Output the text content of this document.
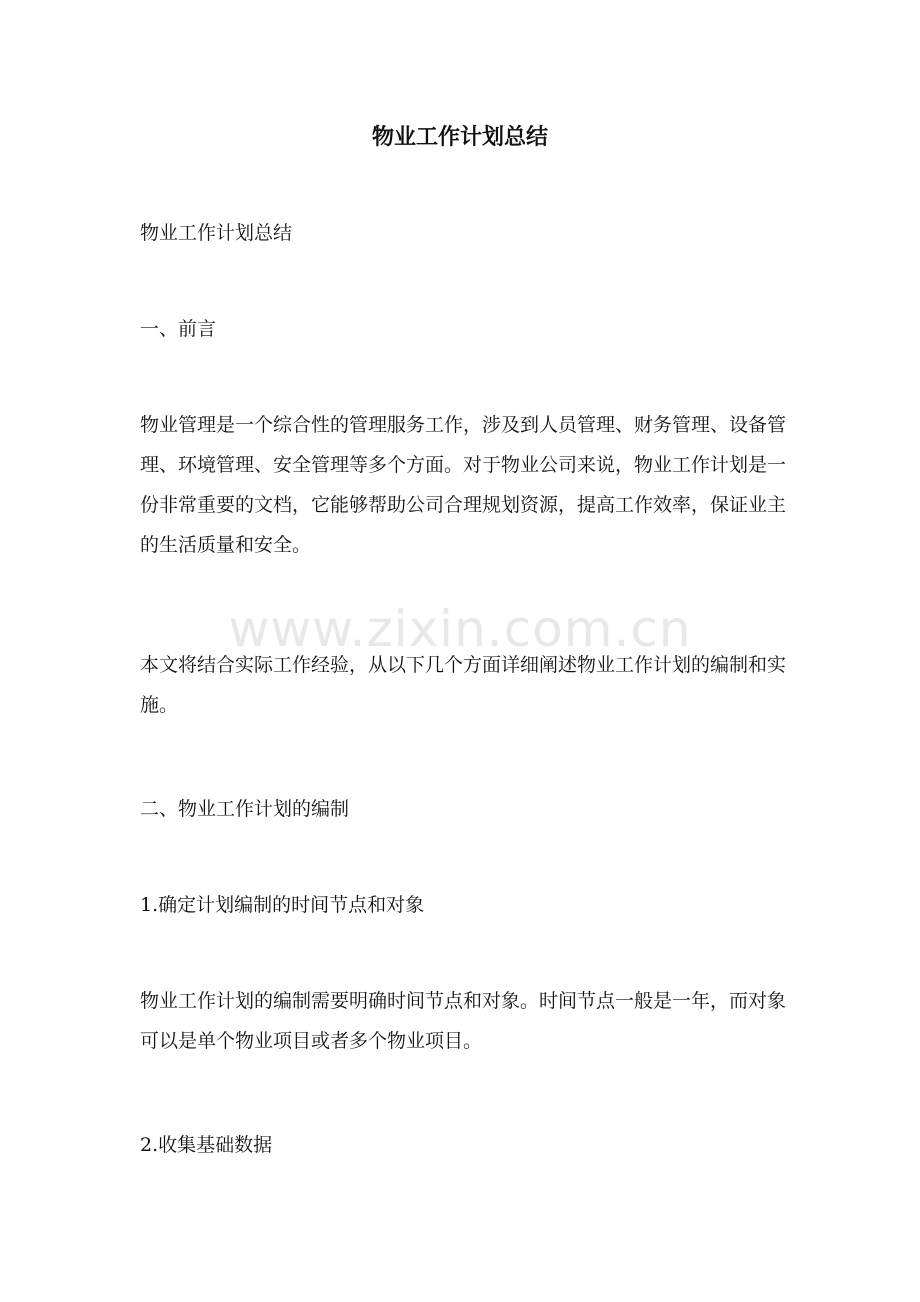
物业工作计划总结

物业工作计划总结

一、前言

物业管理是一个综合性的管理服务工作，涉及到人员管理、财务管理、设备管理、环境管理、安全管理等多个方面。对于物业公司来说，物业工作计划是一份非常重要的文档，它能够帮助公司合理规划资源，提高工作效率，保证业主的生活质量和安全。

本文将结合实际工作经验，从以下几个方面详细阐述物业工作计划的编制和实施。

二、物业工作计划的编制

1.确定计划编制的时间节点和对象

物业工作计划的编制需要明确时间节点和对象。时间节点一般是一年，而对象可以是单个物业项目或者多个物业项目。

2.收集基础数据

www.zixin.com.cn
